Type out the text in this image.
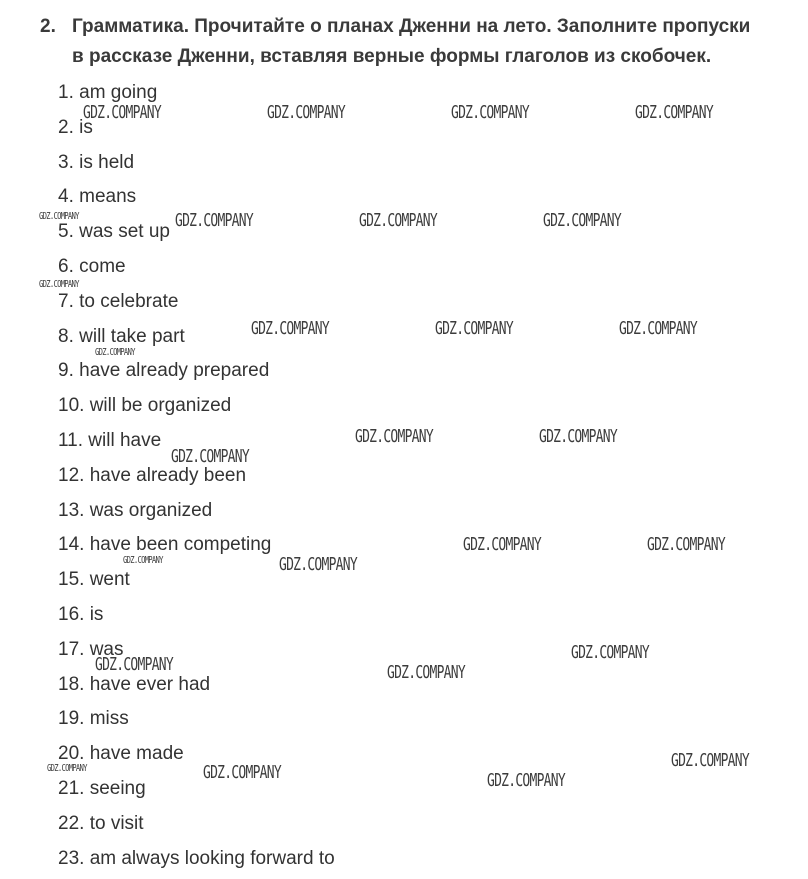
2. Грамматика. Прочитайте о планах Дженни на лето. Заполните пропуски
в рассказе Дженни, вставляя верные формы глаголов из скобочек.
1. am going
2. is
3. is held
4. means
5. was set up
6. come
7. to celebrate
8. will take part
9. have already prepared
10. will be organized
11. will have
12. have already been
13. was organized
14. have been competing
15. went
16. is
17. was
18. have ever had
19. miss
20. have made
21. seeing
22. to visit
23. am always looking forward to
GDZ.COMPANY	GDZ.COMPANY	GDZ.COMPANY	GDZ.COMPANY
GDZ.COMPANY	GDZ.COMPANY	GDZ.COMPANY	GDZ.COMPANY
GDZ.COMPANY
GDZ.COMPANY	GDZ.COMPANY	GDZ.COMPANY
GDZ.COMPANY
GDZ.COMPANY	GDZ.COMPANY
GDZ.COMPANY
GDZ.COMPANY	GDZ.COMPANY
GDZ.COMPANY	GDZ.COMPANY
GDZ.COMPANY
GDZ.COMPANY	GDZ.COMPANY
GDZ.COMPANY
GDZ.COMPANY	GDZ.COMPANY	GDZ.COMPANY
